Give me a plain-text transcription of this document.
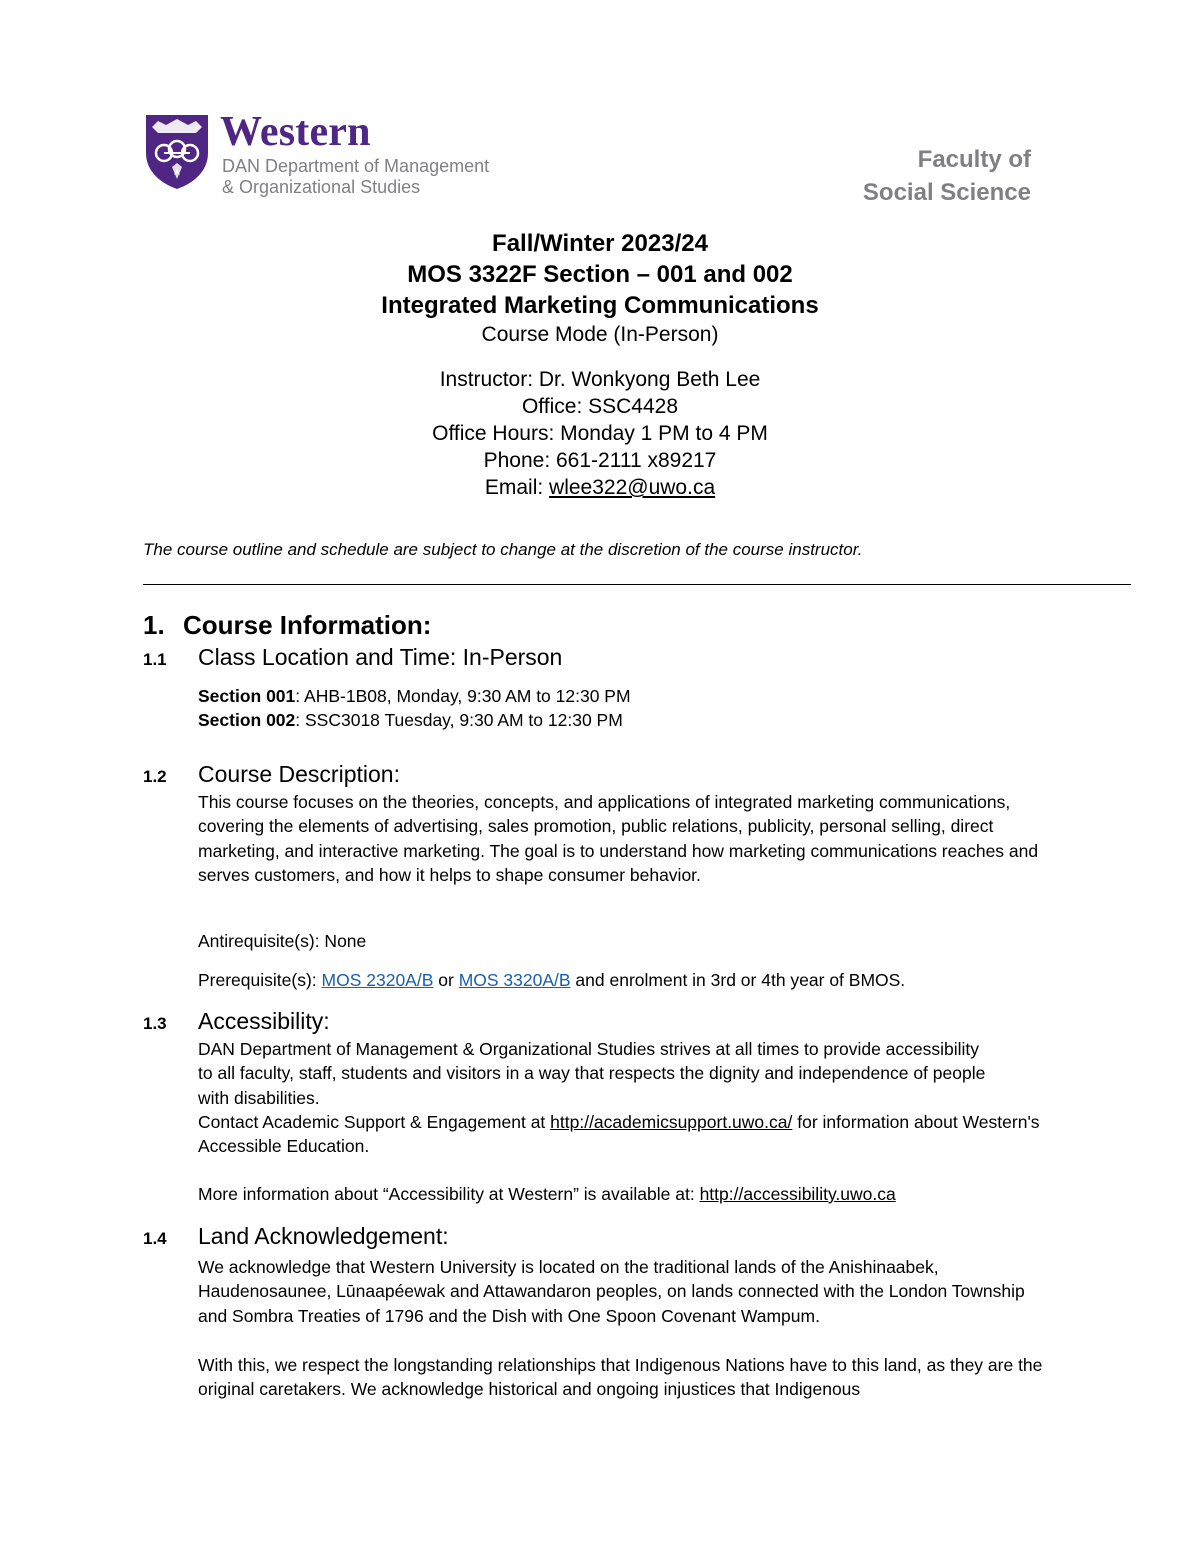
Western
DAN Department of Management
& Organizational Studies
Faculty of
Social Science
Fall/Winter 2023/24
MOS 3322F Section – 001 and 002
Integrated Marketing Communications
Course Mode (In-Person)
Instructor: Dr. Wonkyong Beth Lee
Office: SSC4428
Office Hours: Monday 1 PM to 4 PM
Phone: 661-2111 x89217
Email: wlee322@uwo.ca
The course outline and schedule are subject to change at the discretion of the course instructor.
1. Course Information:
1.1 Class Location and Time: In-Person

Section 001: AHB-1B08, Monday, 9:30 AM to 12:30 PM

Section 002: SSC3018 Tuesday, 9:30 AM to 12:30 PM

1.2 Course Description:
This course focuses on the theories, concepts, and applications of integrated marketing communications, covering the elements of advertising, sales promotion, public relations, publicity, personal selling, direct marketing, and interactive marketing. The goal is to understand how marketing communications reaches and serves customers, and how it helps to shape consumer behavior.
Antirequisite(s): None
Prerequisite(s): MOS 2320A/B or MOS 3320A/B and enrolment in 3rd or 4th year of BMOS.
1.3 Accessibility:
DAN Department of Management & Organizational Studies strives at all times to provide accessibility to all faculty, staff, students and visitors in a way that respects the dignity and independence of people with disabilities.
Contact Academic Support & Engagement at http://academicsupport.uwo.ca/ for information about Western's Accessible Education.
More information about “Accessibility at Western” is available at: http://accessibility.uwo.ca
1.4 Land Acknowledgement:
We acknowledge that Western University is located on the traditional lands of the Anishinaabek, Haudenosaunee, Lūnaapéewak and Attawandaron peoples, on lands connected with the London Township and Sombra Treaties of 1796 and the Dish with One Spoon Covenant Wampum.
With this, we respect the longstanding relationships that Indigenous Nations have to this land, as they are the original caretakers. We acknowledge historical and ongoing injustices that Indigenous
